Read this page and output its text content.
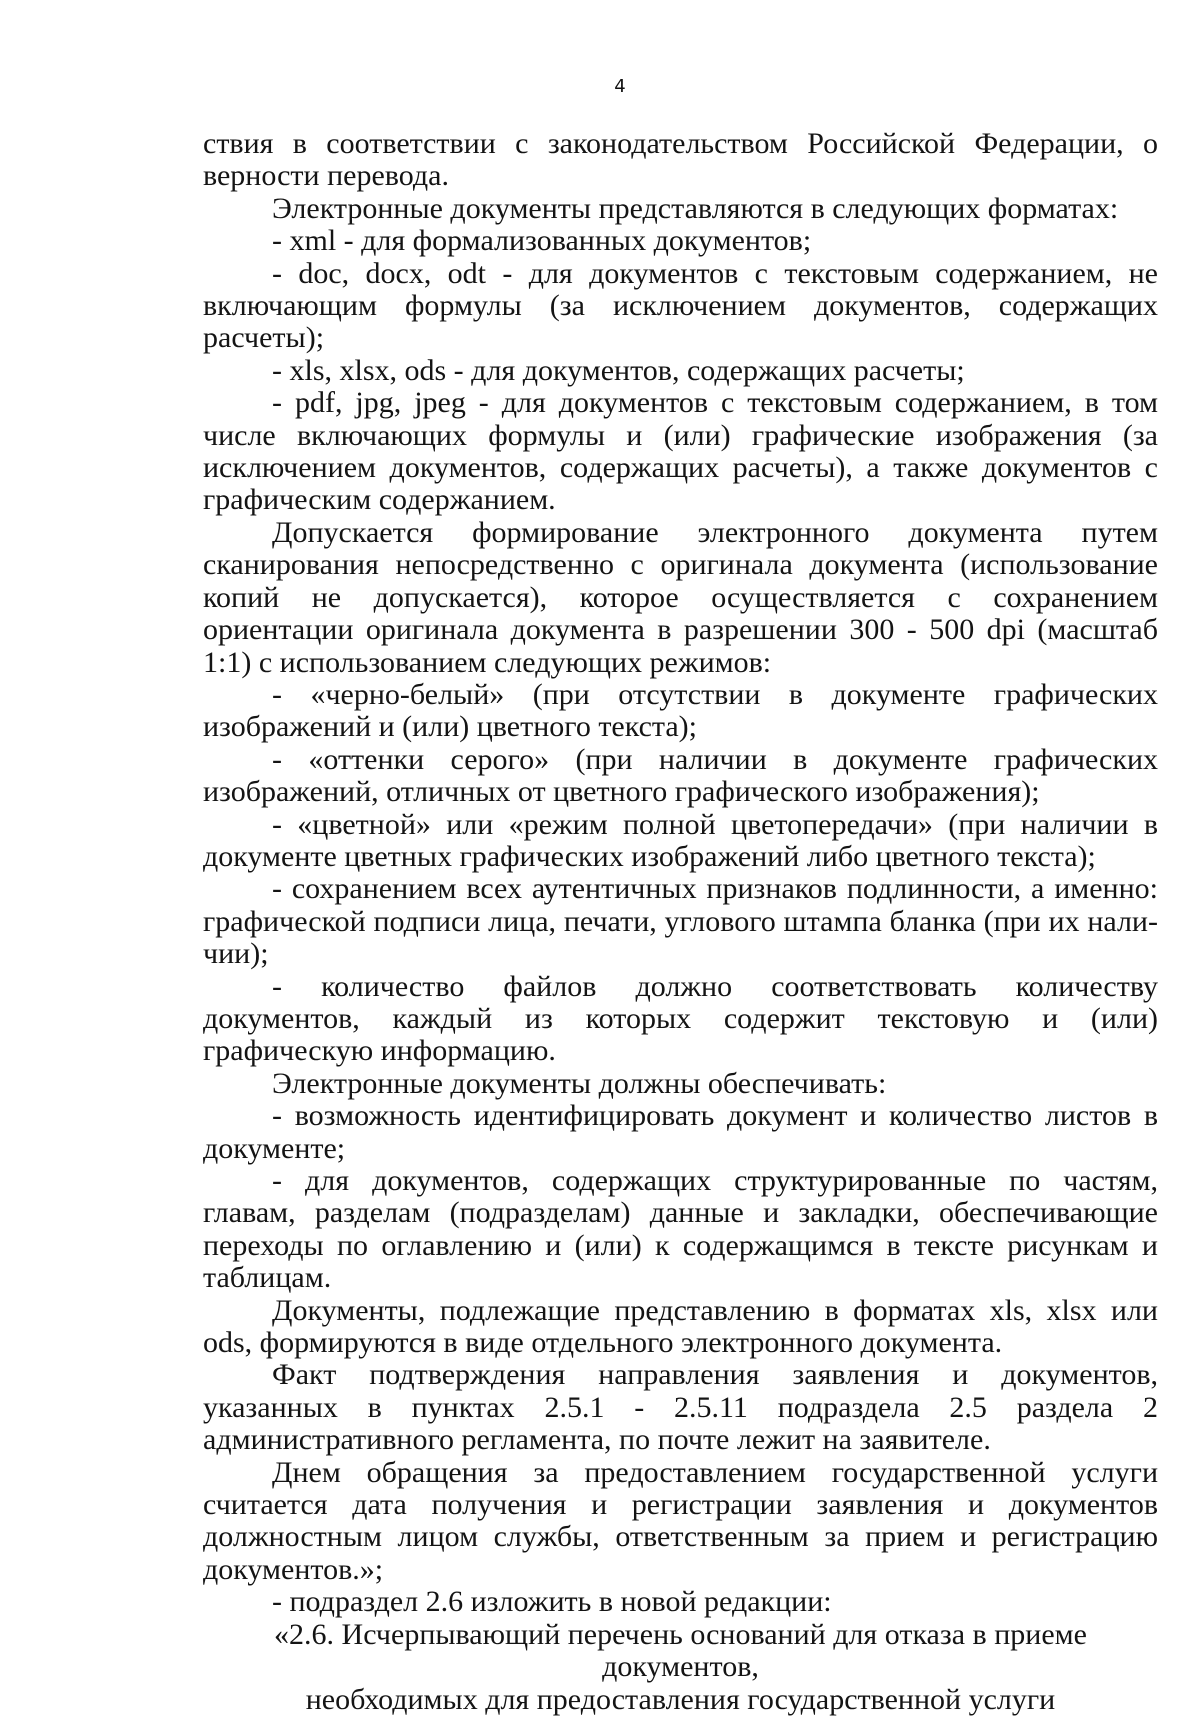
4

ствия в соответствии с законодательством Российской Федерации, о верности перевода.

Электронные документы представляются в следующих форматах:

- xml - для формализованных документов;

- doc, docx, odt - для документов с текстовым содержанием, не включающим формулы (за исключением документов, содержащих расчеты);

- xls, xlsx, ods - для документов, содержащих расчеты;

- pdf, jpg, jpeg - для документов с текстовым содержанием, в том числе включающих формулы и (или) графические изображения (за исключением документов, содержащих расчеты), а также документов с графическим содержанием.

Допускается формирование электронного документа путем сканирования непосредственно с оригинала документа (использование копий не допускается), которое осуществляется с сохранением ориентации оригинала документа в разрешении 300 - 500 dpi (масштаб 1:1) с использованием следующих режимов:

- «черно-белый» (при отсутствии в документе графических изображений и (или) цветного текста);

- «оттенки серого» (при наличии в документе графических изображений, отличных от цветного графического изображения);

- «цветной» или «режим полной цветопередачи» (при наличии в документе цветных графических изображений либо цветного текста);

- сохранением всех аутентичных признаков подлинности, а именно: графической подписи лица, печати, углового штампа бланка (при их наличии);

- количество файлов должно соответствовать количеству документов, каждый из которых содержит текстовую и (или) графическую информацию.

Электронные документы должны обеспечивать:

- возможность идентифицировать документ и количество листов в документе;

- для документов, содержащих структурированные по частям, главам, разделам (подразделам) данные и закладки, обеспечивающие переходы по оглавлению и (или) к содержащимся в тексте рисункам и таблицам.

Документы, подлежащие представлению в форматах xls, xlsx или ods, формируются в виде отдельного электронного документа.

Факт подтверждения направления заявления и документов, указанных в пунктах 2.5.1 - 2.5.11 подраздела 2.5 раздела 2 административного регламента, по почте лежит на заявителе.

Днем обращения за предоставлением государственной услуги считается дата получения и регистрации заявления и документов должностным лицом службы, ответственным за прием и регистрацию документов.»;

- подраздел 2.6 изложить в новой редакции:

«2.6. Исчерпывающий перечень оснований для отказа в приеме документов,

необходимых для предоставления государственной услуги
